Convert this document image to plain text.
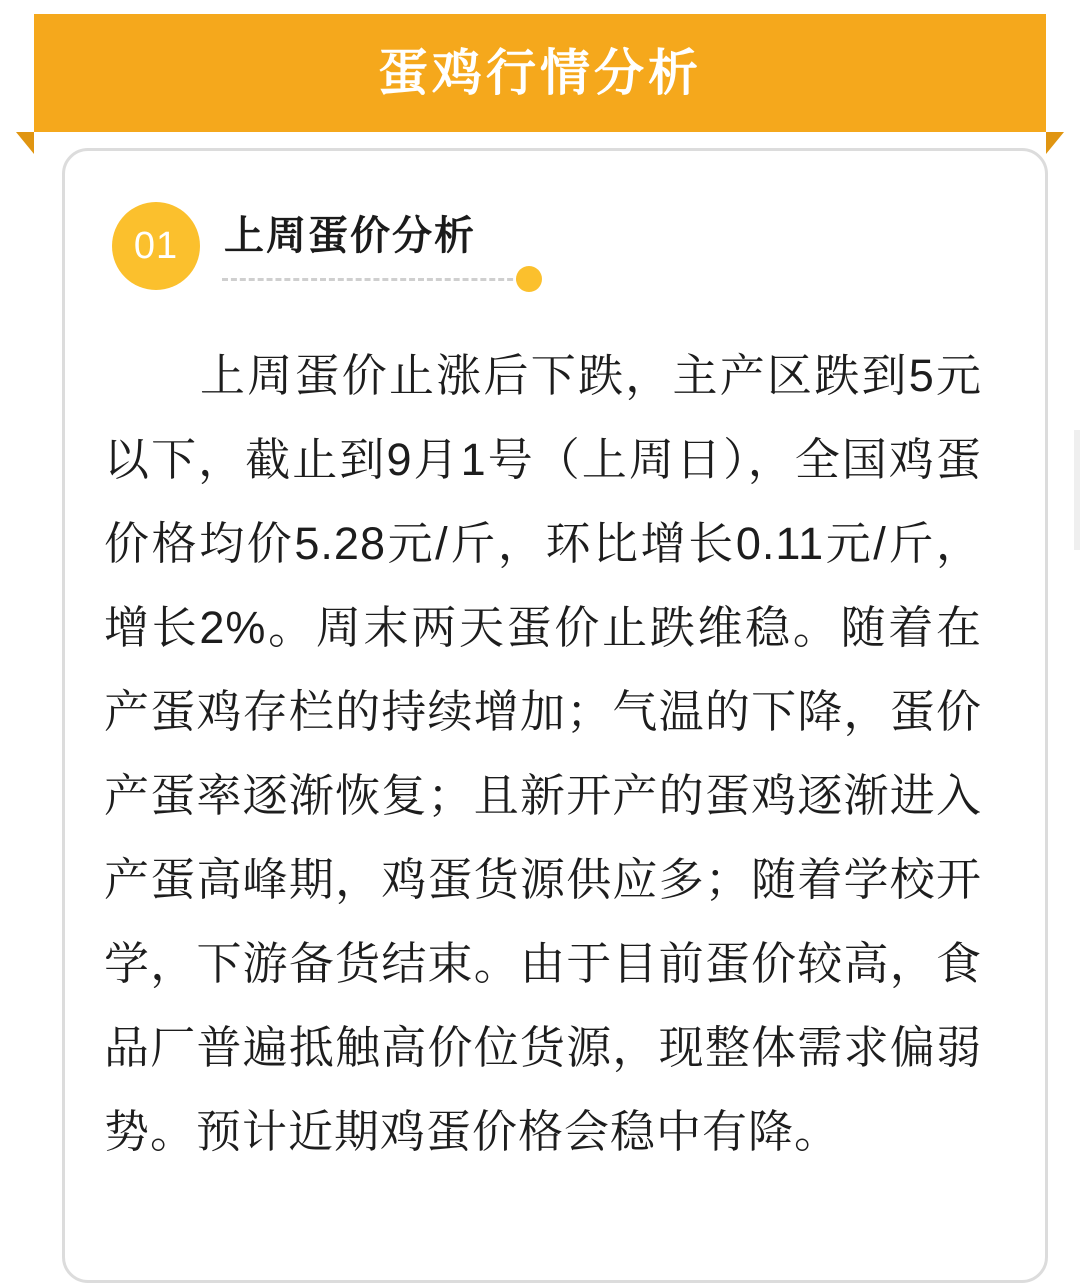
蛋鸡行情分析
01	上周蛋价分析
上周蛋价止涨后下跌，主产区跌到5元以下，截止到9月1号（上周日），全国鸡蛋价格均价5.28元/斤，环比增长0.11元/斤，增长2%。周末两天蛋价止跌维稳。随着在产蛋鸡存栏的持续增加；气温的下降，蛋价产蛋率逐渐恢复；且新开产的蛋鸡逐渐进入产蛋高峰期，鸡蛋货源供应多；随着学校开学，下游备货结束。由于目前蛋价较高，食品厂普遍抵触高价位货源，现整体需求偏弱势。预计近期鸡蛋价格会稳中有降。
